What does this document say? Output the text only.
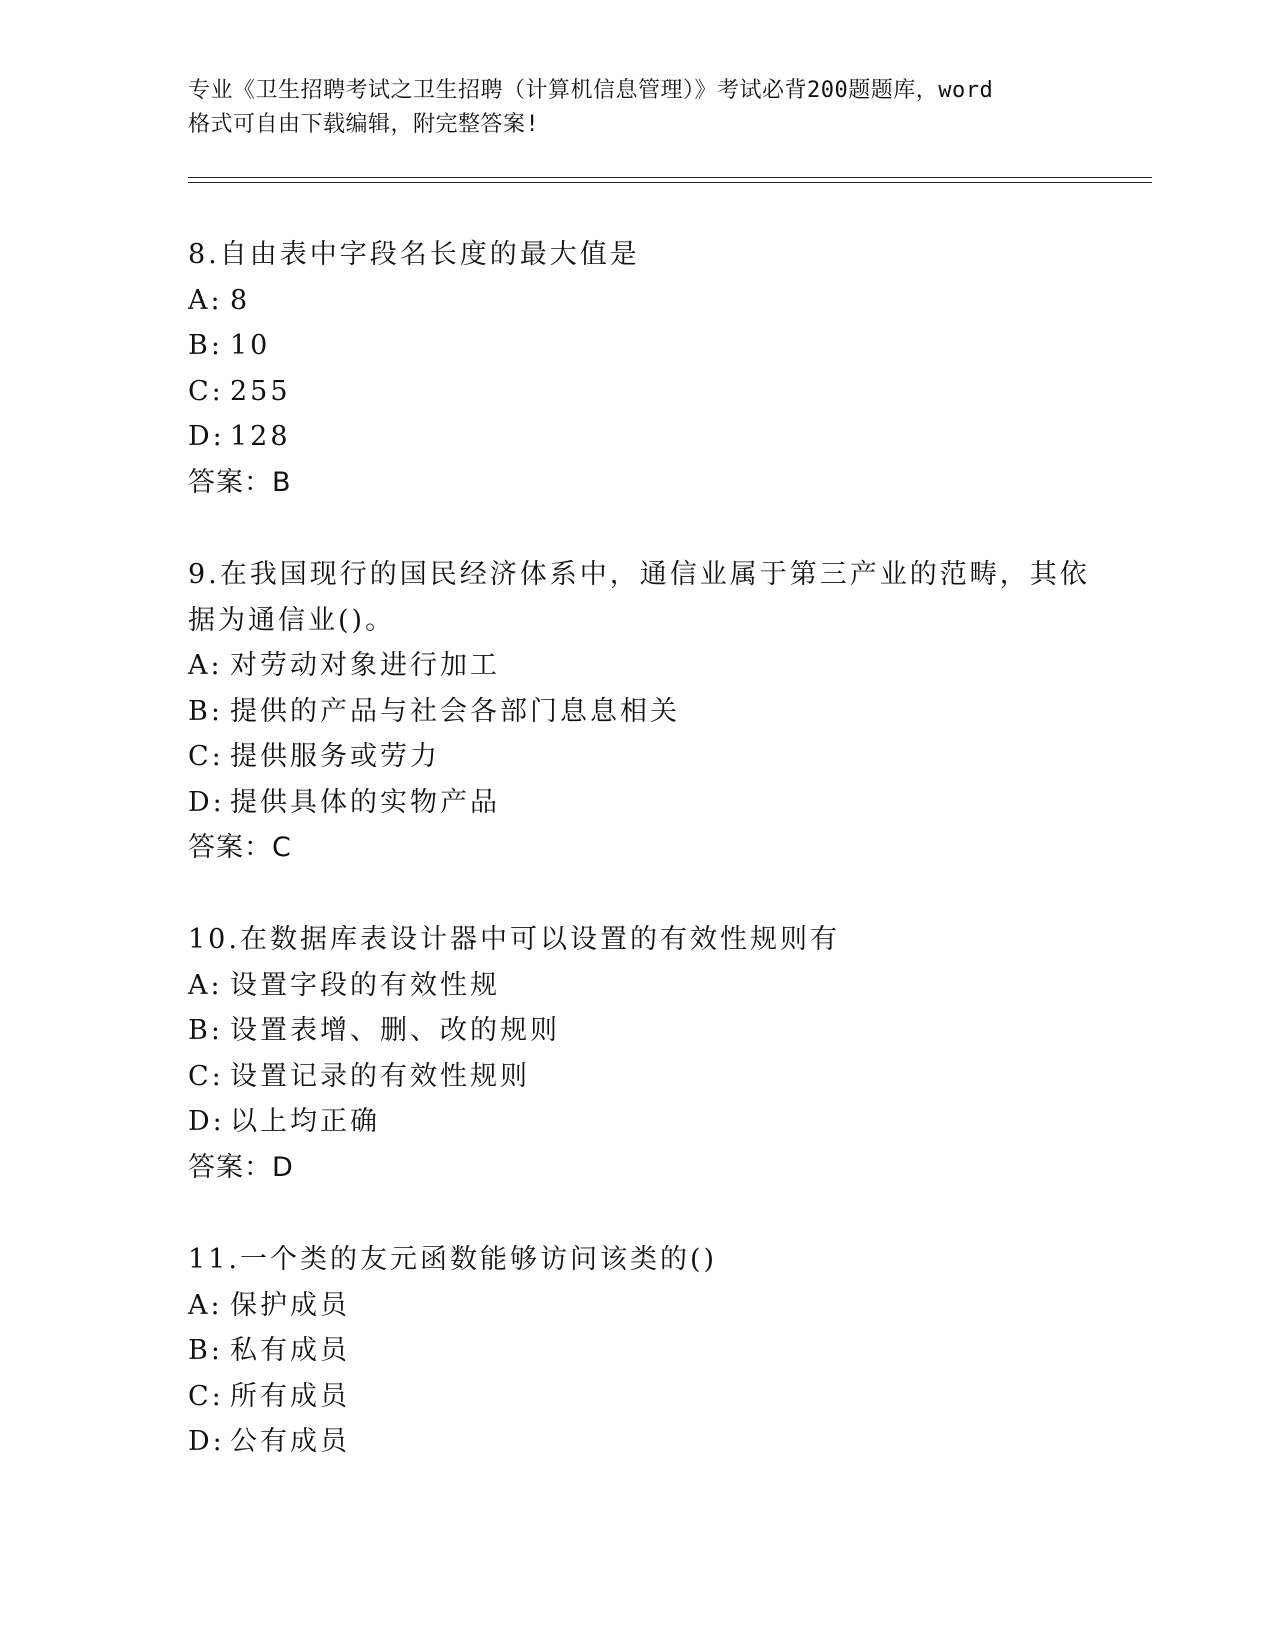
专业《卫生招聘考试之卫生招聘（计算机信息管理）》考试必背200题题库，word
格式可自由下载编辑，附完整答案!
8.自由表中字段名长度的最大值是
A: 8
B: 10
C: 255
D: 128
答案：B
9.在我国现行的国民经济体系中，通信业属于第三产业的范畴，其依
据为通信业()。
A: 对劳动对象进行加工
B: 提供的产品与社会各部门息息相关
C: 提供服务或劳力
D: 提供具体的实物产品
答案：C
10.在数据库表设计器中可以设置的有效性规则有
A: 设置字段的有效性规
B: 设置表增、删、改的规则
C: 设置记录的有效性规则
D: 以上均正确
答案：D
11.一个类的友元函数能够访问该类的()
A: 保护成员
B: 私有成员
C: 所有成员
D: 公有成员
